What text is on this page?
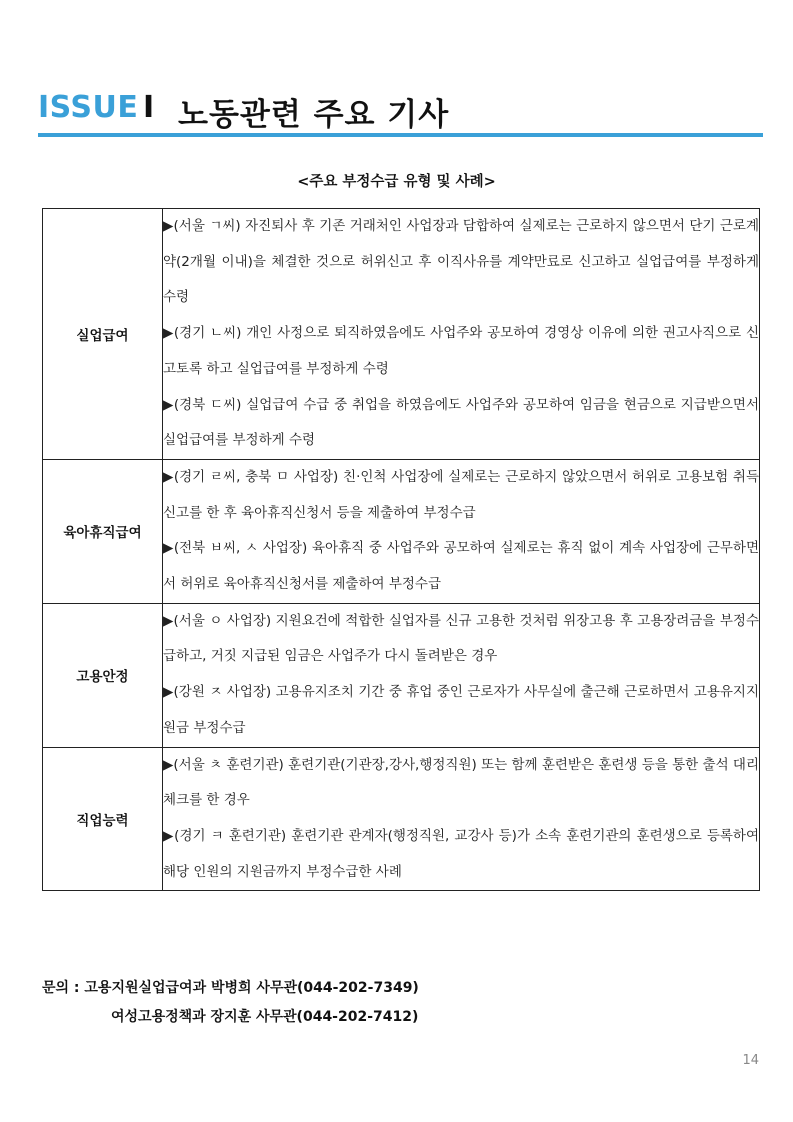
ISSUE I 노동관련 주요 기사
<주요 부정수급 유형 및 사례>
실업급여	▶(서울 ㄱ씨) 자진퇴사 후 기존 거래처인 사업장과 담합하여 실제로는 근로하지 않으면서 단기 근로계약(2개월 이내)을 체결한 것으로 허위신고 후 이직사유를 계약만료로 신고하고 실업급여를 부정하게 수령
▶(경기 ㄴ씨) 개인 사정으로 퇴직하였음에도 사업주와 공모하여 경영상 이유에 의한 권고사직으로 신고토록 하고 실업급여를 부정하게 수령
▶(경북 ㄷ씨) 실업급여 수급 중 취업을 하였음에도 사업주와 공모하여 임금을 현금으로 지급받으면서 실업급여를 부정하게 수령

육아휴직급여	▶(경기 ㄹ씨, 충북 ㅁ 사업장) 친·인척 사업장에 실제로는 근로하지 않았으면서 허위로 고용보험 취득신고를 한 후 육아휴직신청서 등을 제출하여 부정수급
▶(전북 ㅂ씨, ㅅ 사업장) 육아휴직 중 사업주와 공모하여 실제로는 휴직 없이 계속 사업장에 근무하면서 허위로 육아휴직신청서를 제출하여 부정수급

고용안정	▶(서울 ㅇ 사업장) 지원요건에 적합한 실업자를 신규 고용한 것처럼 위장고용 후 고용장려금을 부정수급하고, 거짓 지급된 임금은 사업주가 다시 돌려받은 경우
▶(강원 ㅈ 사업장) 고용유지조치 기간 중 휴업 중인 근로자가 사무실에 출근해 근로하면서 고용유지지원금 부정수급

직업능력	▶(서울 ㅊ 훈련기관) 훈련기관(기관장,강사,행정직원) 또는 함께 훈련받은 훈련생 등을 통한 출석 대리체크를 한 경우
▶(경기 ㅋ 훈련기관) 훈련기관 관계자(행정직원, 교강사 등)가 소속 훈련기관의 훈련생으로 등록하여 해당 인원의 지원금까지 부정수급한 사례
문의 : 고용지원실업급여과 박병희 사무관(044-202-7349)
여성고용정책과 장지훈 사무관(044-202-7412)
14
